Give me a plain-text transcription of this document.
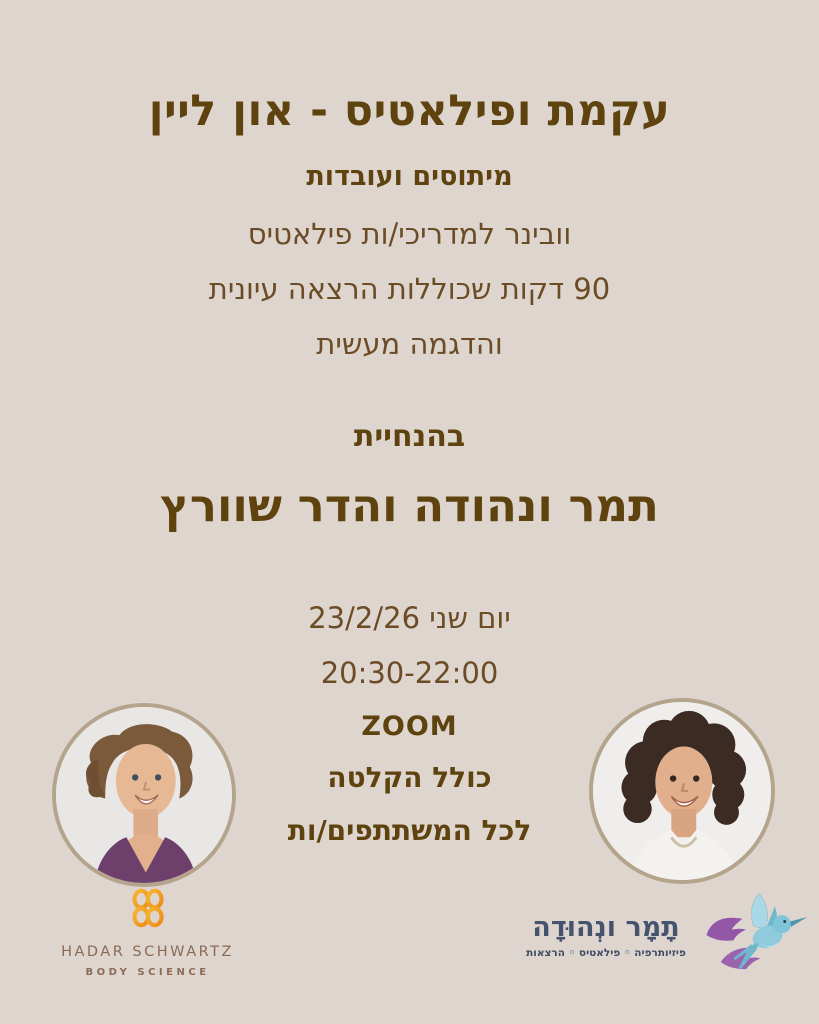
עקמת ופילאטיס - און ליין
מיתוסים ועובדות
וובינר למדריכי/ות פילאטיס
90 דקות שכוללות הרצאה עיונית
והדגמה מעשית
בהנחיית
תמר ונהודה והדר שוורץ
יום שני 23/2/26
20:30-22:00
ZOOM
כולל הקלטה
לכל המשתתפים/ות
HADAR SCHWARTZ
BODY SCIENCE
תָמָר ונְהוּדָה
פיזיותרפיה ◦ פילאטיס ◦ הרצאות
